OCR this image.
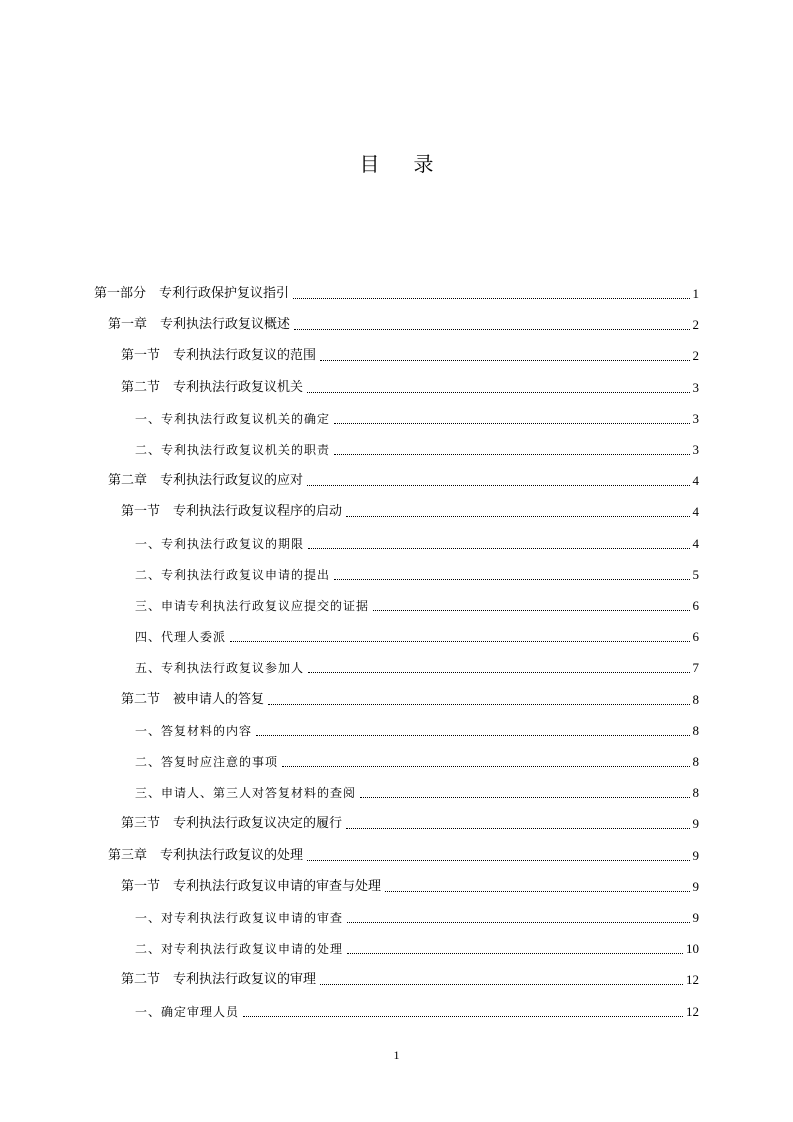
目录
第一部分　专利行政保护复议指引	1
第一章　专利执法行政复议概述	2
第一节　专利执法行政复议的范围	2
第二节　专利执法行政复议机关	3
一、专利执法行政复议机关的确定	3
二、专利执法行政复议机关的职责	3
第二章　专利执法行政复议的应对	4
第一节　专利执法行政复议程序的启动	4
一、专利执法行政复议的期限	4
二、专利执法行政复议申请的提出	5
三、申请专利执法行政复议应提交的证据	6
四、代理人委派	6
五、专利执法行政复议参加人	7
第二节　被申请人的答复	8
一、答复材料的内容	8
二、答复时应注意的事项	8
三、申请人、第三人对答复材料的查阅	8
第三节　专利执法行政复议决定的履行	9
第三章　专利执法行政复议的处理	9
第一节　专利执法行政复议申请的审查与处理	9
一、对专利执法行政复议申请的审查	9
二、对专利执法行政复议申请的处理	10
第二节　专利执法行政复议的审理	12
一、确定审理人员	12
1
